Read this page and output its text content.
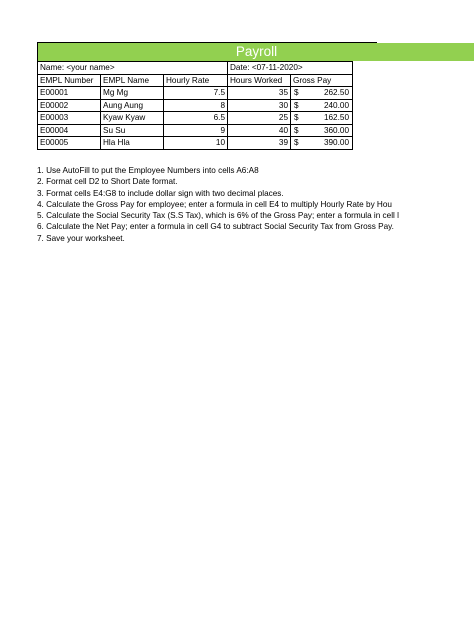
Payroll
Name: <your name>			Date: <07-11-2020>	
EMPL Number	EMPL Name	Hourly Rate	Hours Worked	Gross Pay
E00001	Mg Mg	7.5	35	$ 262.50

E00002	Aung Aung	8	30	$ 240.00

E00003	Kyaw Kyaw	6.5	25	$ 162.50

E00004	Su Su	9	40	$ 360.00

E00005	Hla Hla	10	39	$ 390.00

1. Use AutoFill to put the Employee Numbers into cells A6:A8
2. Format cell D2 to Short Date format.
3. Format cells E4:G8 to include dollar sign with two decimal places.
4. Calculate the Gross Pay for employee; enter a formula in cell E4 to multiply Hourly Rate by Hou
5. Calculate the Social Security Tax (S.S Tax), which is 6% of the Gross Pay; enter a formula in cell l
6. Calculate the Net Pay; enter a formula in cell G4 to subtract Social Security Tax from Gross Pay.
7. Save your worksheet.
